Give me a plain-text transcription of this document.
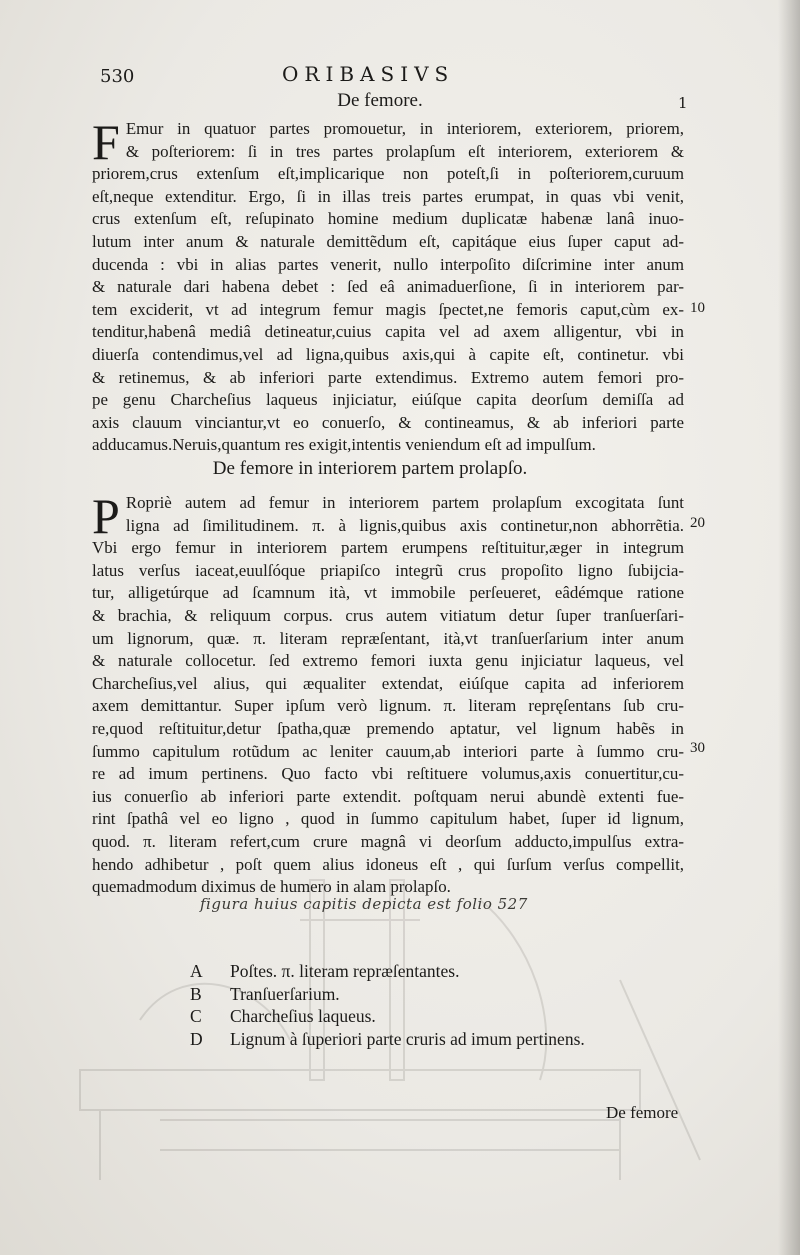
530	ORIBASIVS
1
De femore.
F Emur in quatuor partes promouetur, in interiorem, exteriorem, priorem,
& poſteriorem: ſi in tres partes prolapſum eſt interiorem, exteriorem &
priorem,crus extenſum eſt,implicarique non poteſt,ſi in poſteriorem,curuum
eſt,neque extenditur. Ergo, ſi in illas treis partes erumpat, in quas vbi venit,
crus extenſum eſt, reſupinato homine medium duplicatæ habenæ lanâ inuo-
lutum inter anum & naturale demittẽdum eſt, capitáque eius ſuper caput ad-
ducenda : vbi in alias partes venerit, nullo interpoſito diſcrimine inter anum
& naturale dari habena debet : ſed eâ animaduerſione, ſi in interiorem par-
tem exciderit, vt ad integrum femur magis ſpectet,ne femoris caput,cùm ex-
tenditur,habenâ mediâ detineatur,cuius capita vel ad axem alligentur, vbi in
diuerſa contendimus,vel ad ligna,quibus axis,qui à capite eſt, continetur. vbi
& retinemus, & ab inferiori parte extendimus. Extremo autem femori pro-
pe genu Charcheſius laqueus injiciatur, eiúſque capita deorſum demiſſa ad
axis clauum vinciantur,vt eo conuerſo, & contineamus, & ab inferiori parte
adducamus.Neruis,quantum res exigit,intentis veniendum eſt ad impulſum.
10
De femore in interiorem partem prolapſo.
P Ropriè autem ad femur in interiorem partem prolapſum excogitata ſunt
ligna ad ſimilitudinem. π. à lignis,quibus axis continetur,non abhorrẽtia.
Vbi ergo femur in interiorem partem erumpens reſtituitur,æger in integrum
latus verſus iaceat,euulſóque priapiſco integrũ crus propoſito ligno ſubijcia-
tur, alligetúrque ad ſcamnum ità, vt immobile perſeueret, eâdémque ratione
& brachia, & reliquum corpus. crus autem vitiatum detur ſuper tranſuerſari-
um lignorum, quæ. π. literam repræſentant, ità,vt tranſuerſarium inter anum
& naturale collocetur. ſed extremo femori iuxta genu injiciatur laqueus, vel
Charcheſius,vel alius, qui æqualiter extendat, eiúſque capita ad inferiorem
axem demittantur. Super ipſum verò lignum. π. literam repręſentans ſub cru-
re,quod reſtituitur,detur ſpatha,quæ premendo aptatur, vel lignum habẽs in
ſummo capitulum rotũdum ac leniter cauum,ab interiori parte à ſummo cru-
re ad imum pertinens. Quo facto vbi reſtituere volumus,axis conuertitur,cu-
ius conuerſio ab inferiori parte extendit. poſtquam nerui abundè extenti fue-
rint ſpathâ vel eo ligno , quod in ſummo capitulum habet, ſuper id lignum,
quod. π. literam refert,cum crure magnâ vi deorſum adducto,impulſus extra-
hendo adhibetur , poſt quem alius idoneus eſt , qui ſurſum verſus compellit,
quemadmodum diximus de humero in alam prolapſo.
20
30
figura huius capitis depicta est folio 527
A	Poſtes. π. literam repræſentantes.
B	Tranſuerſarium.
C	Charcheſius laqueus.
D	Lignum à ſuperiori parte cruris ad imum pertinens.
De femore
